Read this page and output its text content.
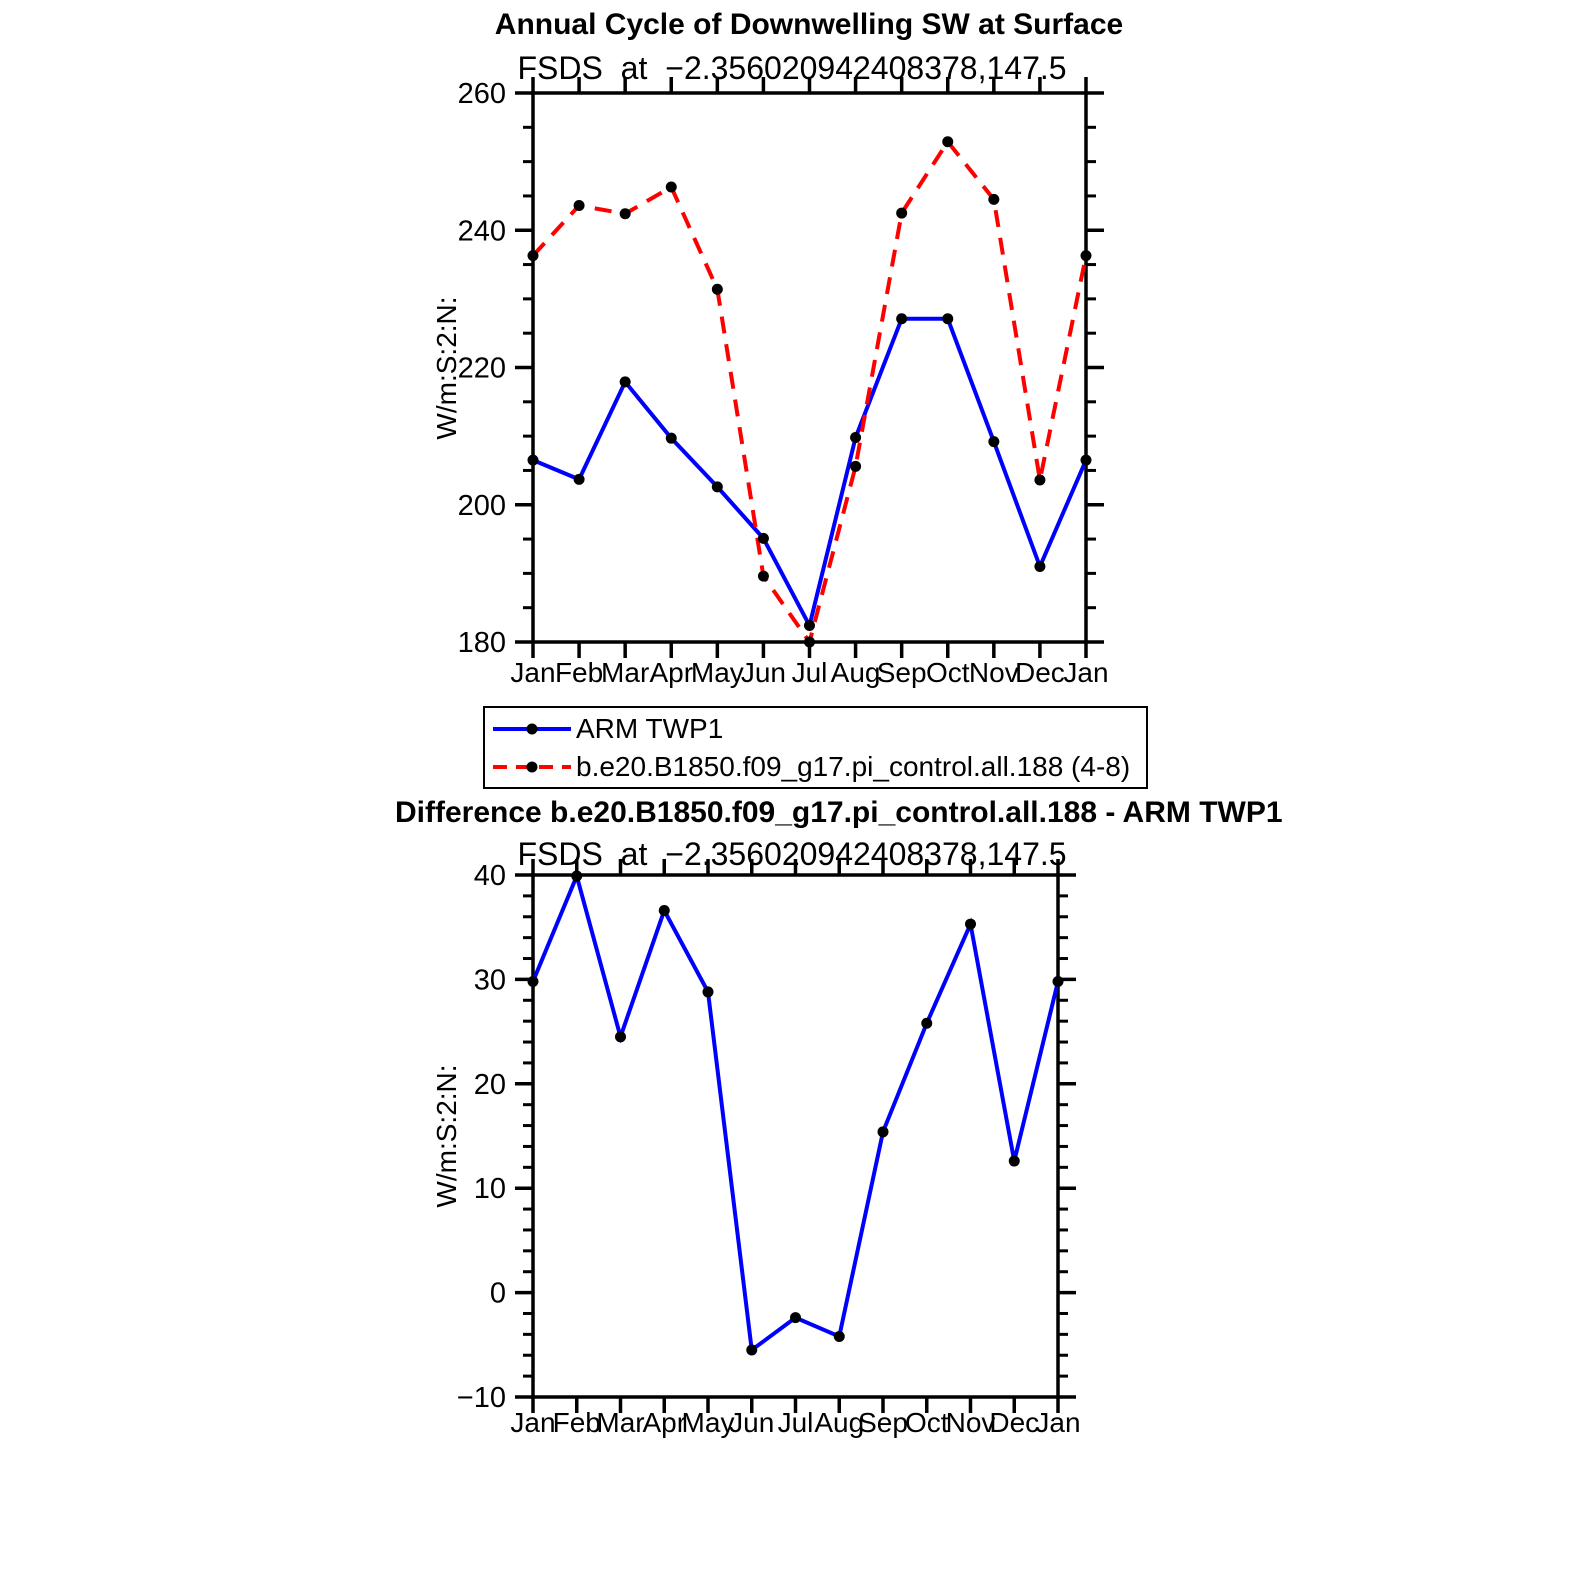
180
200
220
240
260
Jan Feb
Mar Apr
May
Jun Jul Aug
Sep Oct Nov
Dec
Jan
−10
0
10
20
30
40
Jan
Feb
Mar
Apr
May
Jun Jul Aug
Sep
Oct
Nov
Dec
Jan
Annual Cycle of Downwelling SW at Surface
FSDS at −2.356020942408378,147.5
W/m:S:2:N:
ARM TWP1
b.e20.B1850.f09_g17.pi_control.all.188 (4-8)
Difference b.e20.B1850.f09_g17.pi_control.all.188 - ARM TWP1
FSDS at −2.356020942408378,147.5
W/m:S:2:N:
